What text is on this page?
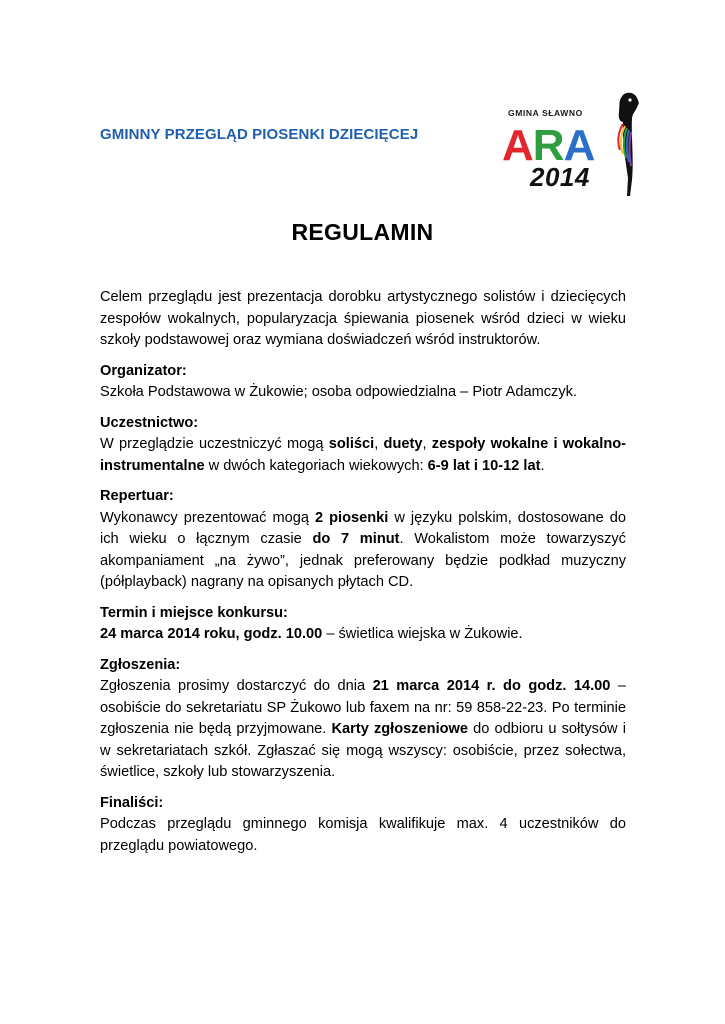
GMINNY PRZEGLĄD PIOSENKI DZIECIĘCEJ
GMINA SŁAWNO
ARA
2014
REGULAMIN

Celem przeglądu jest prezentacja dorobku artystycznego solistów i dziecięcych zespołów wokalnych, popularyzacja śpiewania piosenek wśród dzieci w wieku szkoły podstawowej oraz wymiana doświadczeń wśród instruktorów.

Organizator:

Szkoła Podstawowa w Żukowie; osoba odpowiedzialna – Piotr Adamczyk.

Uczestnictwo:

W przeglądzie uczestniczyć mogą soliści, duety, zespoły wokalne i wokalno-instrumentalne w dwóch kategoriach wiekowych: 6-9 lat i 10-12 lat.

Repertuar:

Wykonawcy prezentować mogą 2 piosenki w języku polskim, dostosowane do ich wieku o łącznym czasie do 7 minut. Wokalistom może towarzyszyć akompaniament „na żywo”, jednak preferowany będzie podkład muzyczny (półplayback) nagrany na opisanych płytach CD.

Termin i miejsce konkursu:

24 marca 2014 roku, godz. 10.00 – świetlica wiejska w Żukowie.

Zgłoszenia:

Zgłoszenia prosimy dostarczyć do dnia 21 marca 2014 r. do godz. 14.00 – osobiście do sekretariatu SP Żukowo lub faxem na nr: 59 858-22-23. Po terminie zgłoszenia nie będą przyjmowane. Karty zgłoszeniowe do odbioru u sołtysów i w sekretariatach szkół. Zgłaszać się mogą wszyscy: osobiście, przez sołectwa, świetlice, szkoły lub stowarzyszenia.

Finaliści:

Podczas przeglądu gminnego komisja kwalifikuje max. 4 uczestników do przeglądu powiatowego.
